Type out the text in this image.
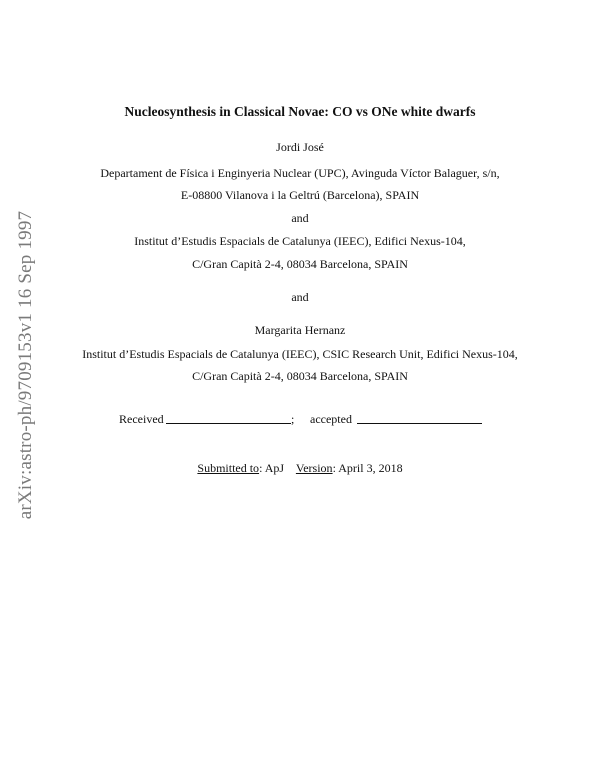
arXiv:astro-ph/9709153v1 16 Sep 1997
Nucleosynthesis in Classical Novae: CO vs ONe white dwarfs
Jordi José
Departament de Física i Enginyeria Nuclear (UPC), Avinguda Víctor Balaguer, s/n,
E-08800 Vilanova i la Geltrú (Barcelona), SPAIN
and
Institut d’Estudis Espacials de Catalunya (IEEC), Edifici Nexus-104,
C/Gran Capità 2-4, 08034 Barcelona, SPAIN
and
Margarita Hernanz
Institut d’Estudis Espacials de Catalunya (IEEC), CSIC Research Unit, Edifici Nexus-104,
C/Gran Capità 2-4, 08034 Barcelona, SPAIN
Received	; accepted
Submitted to: ApJ Version: April 3, 2018
